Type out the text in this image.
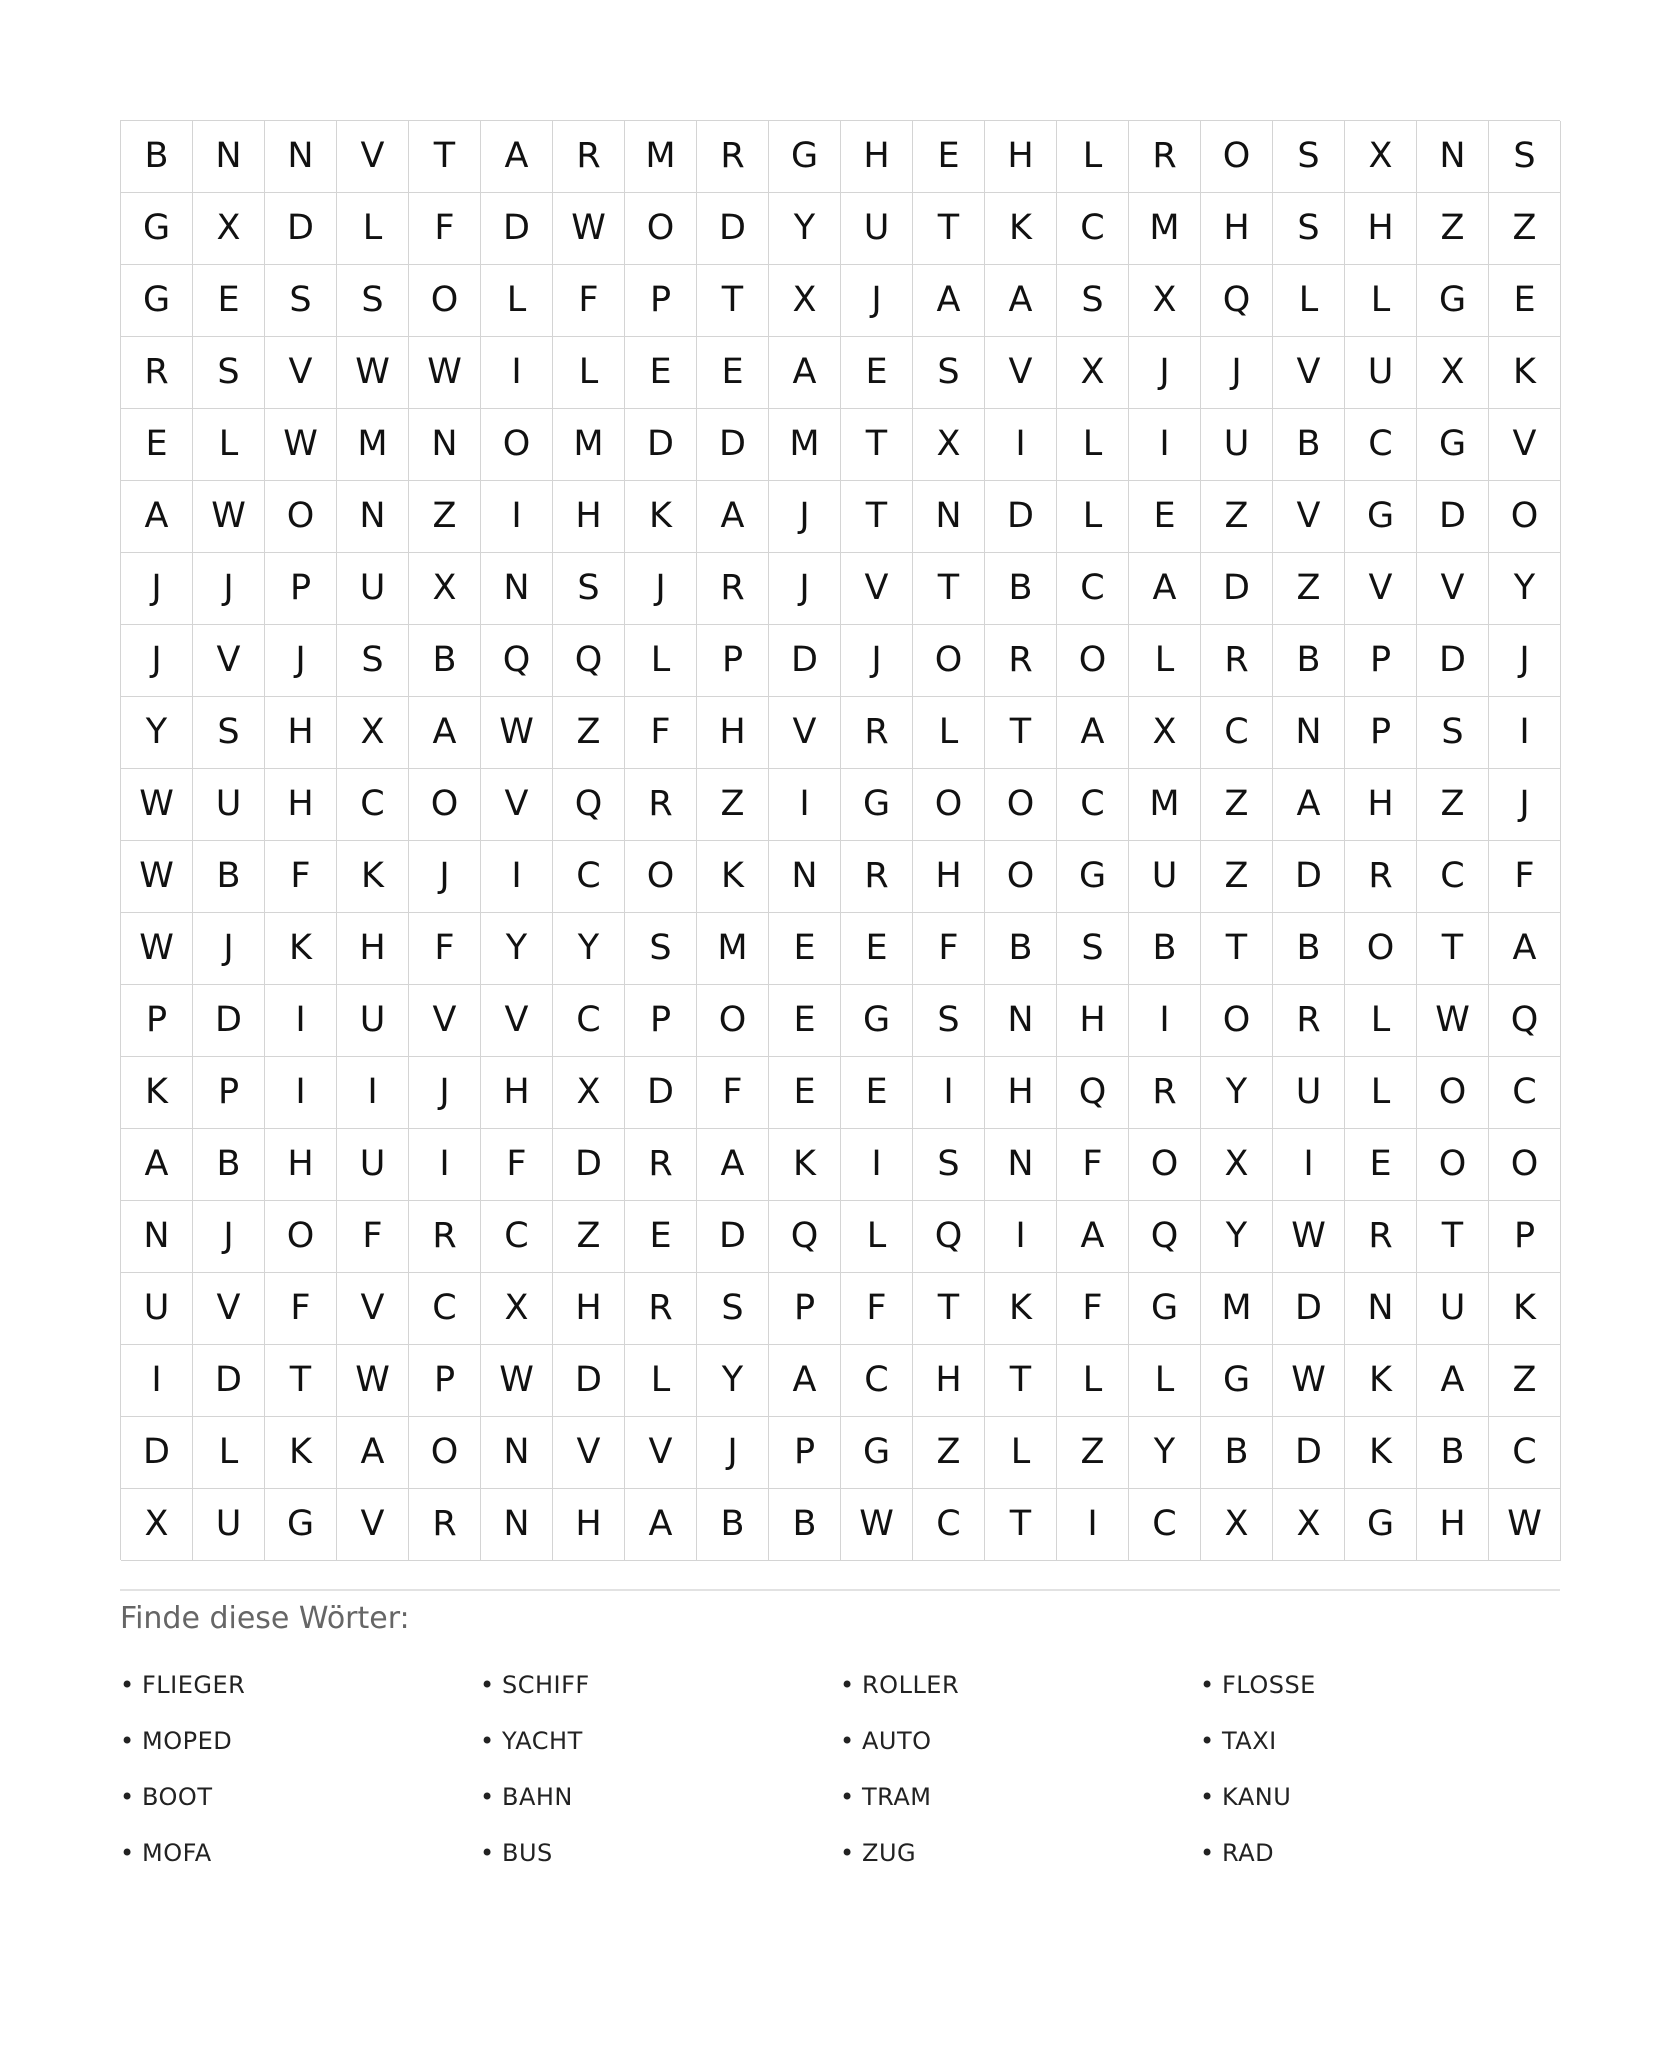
B	N	N	V	T	A	R	M	R	G	H	E	H	L	R	O	S	X	N	S
G	X	D	L	F	D	W	O	D	Y	U	T	K	C	M	H	S	H	Z	Z
G	E	S	S	O	L	F	P	T	X	J	A	A	S	X	Q	L	L	G	E
R	S	V	W	W	I	L	E	E	A	E	S	V	X	J	J	V	U	X	K
E	L	W	M	N	O	M	D	D	M	T	X	I	L	I	U	B	C	G	V
A	W	O	N	Z	I	H	K	A	J	T	N	D	L	E	Z	V	G	D	O
J	J	P	U	X	N	S	J	R	J	V	T	B	C	A	D	Z	V	V	Y
J	V	J	S	B	Q	Q	L	P	D	J	O	R	O	L	R	B	P	D	J
Y	S	H	X	A	W	Z	F	H	V	R	L	T	A	X	C	N	P	S	I
W	U	H	C	O	V	Q	R	Z	I	G	O	O	C	M	Z	A	H	Z	J
W	B	F	K	J	I	C	O	K	N	R	H	O	G	U	Z	D	R	C	F
W	J	K	H	F	Y	Y	S	M	E	E	F	B	S	B	T	B	O	T	A
P	D	I	U	V	V	C	P	O	E	G	S	N	H	I	O	R	L	W	Q
K	P	I	I	J	H	X	D	F	E	E	I	H	Q	R	Y	U	L	O	C
A	B	H	U	I	F	D	R	A	K	I	S	N	F	O	X	I	E	O	O
N	J	O	F	R	C	Z	E	D	Q	L	Q	I	A	Q	Y	W	R	T	P
U	V	F	V	C	X	H	R	S	P	F	T	K	F	G	M	D	N	U	K
I	D	T	W	P	W	D	L	Y	A	C	H	T	L	L	G	W	K	A	Z
D	L	K	A	O	N	V	V	J	P	G	Z	L	Z	Y	B	D	K	B	C
X	U	G	V	R	N	H	A	B	B	W	C	T	I	C	X	X	G	H	W
Finde diese Wörter:
• FLIEGER	• SCHIFF	• ROLLER	• FLOSSE
• MOPED	• YACHT	• AUTO	• TAXI
• BOOT	• BAHN	• TRAM	• KANU
• MOFA	• BUS	• ZUG	• RAD
